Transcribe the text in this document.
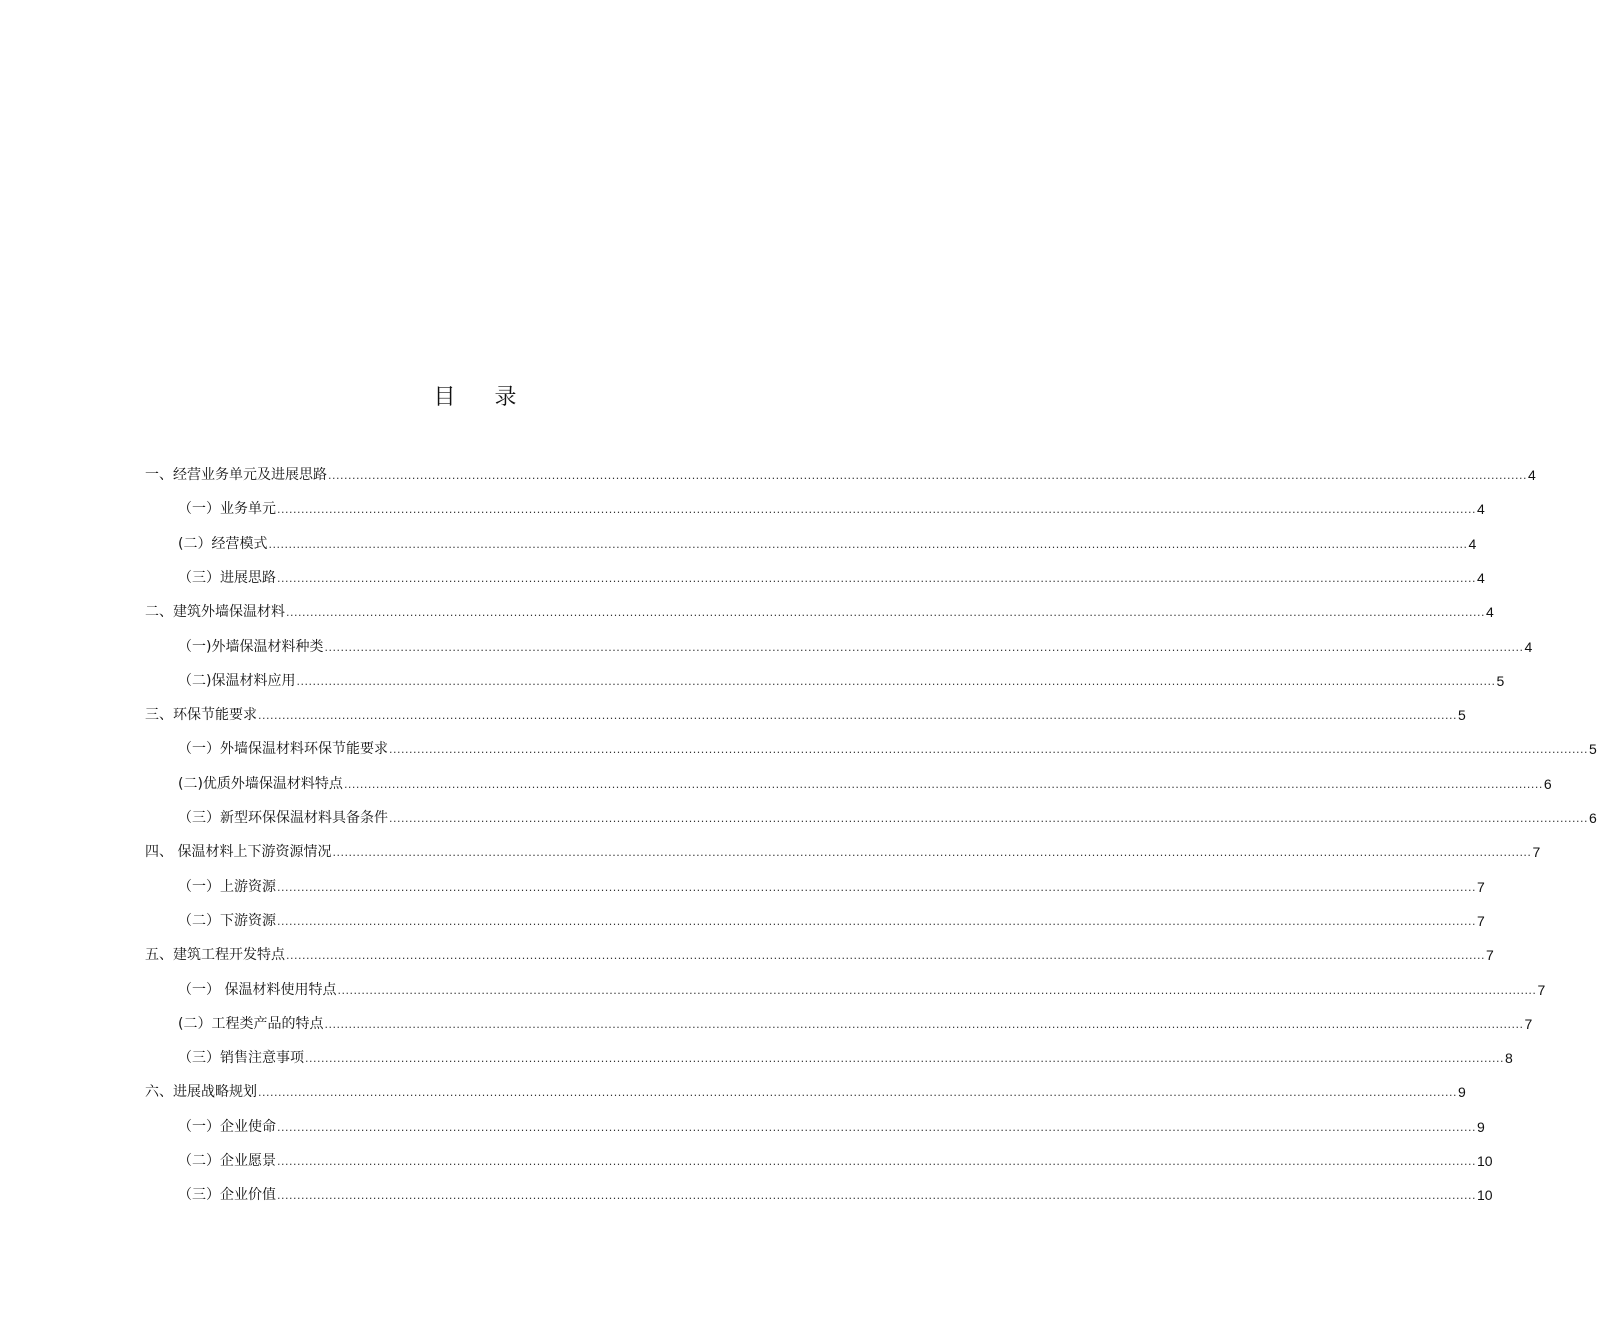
目 录
一、经营业务单元及进展思路 ............................................................................................................................................................................................................................................................................................................ 4
（一）业务单元 ............................................................................................................................................................................................................................................................................................................ 4
(二）经营模式 ............................................................................................................................................................................................................................................................................................................ 4
（三）进展思路 ............................................................................................................................................................................................................................................................................................................ 4
二、建筑外墙保温材料 ............................................................................................................................................................................................................................................................................................................ 4
（一)外墙保温材料种类 ............................................................................................................................................................................................................................................................................................................ 4
（二)保温材料应用 ............................................................................................................................................................................................................................................................................................................ 5
三、环保节能要求 ............................................................................................................................................................................................................................................................................................................ 5
（一）外墙保温材料环保节能要求 ............................................................................................................................................................................................................................................................................................................ 5
(二)优质外墙保温材料特点 ............................................................................................................................................................................................................................................................................................................ 6
（三）新型环保保温材料具备条件 ............................................................................................................................................................................................................................................................................................................ 6
四、 保温材料上下游资源情况 ............................................................................................................................................................................................................................................................................................................ 7
（一）上游资源 ............................................................................................................................................................................................................................................................................................................ 7
（二）下游资源 ............................................................................................................................................................................................................................................................................................................ 7
五、建筑工程开发特点 ............................................................................................................................................................................................................................................................................................................ 7
（一） 保温材料使用特点 ............................................................................................................................................................................................................................................................................................................ 7
(二）工程类产品的特点 ............................................................................................................................................................................................................................................................................................................ 7
（三）销售注意事项 ............................................................................................................................................................................................................................................................................................................ 8
六、进展战略规划 ............................................................................................................................................................................................................................................................................................................ 9
（一）企业使命 ............................................................................................................................................................................................................................................................................................................ 9
（二）企业愿景 ............................................................................................................................................................................................................................................................................................................ 10
（三）企业价值 ............................................................................................................................................................................................................................................................................................................ 10
